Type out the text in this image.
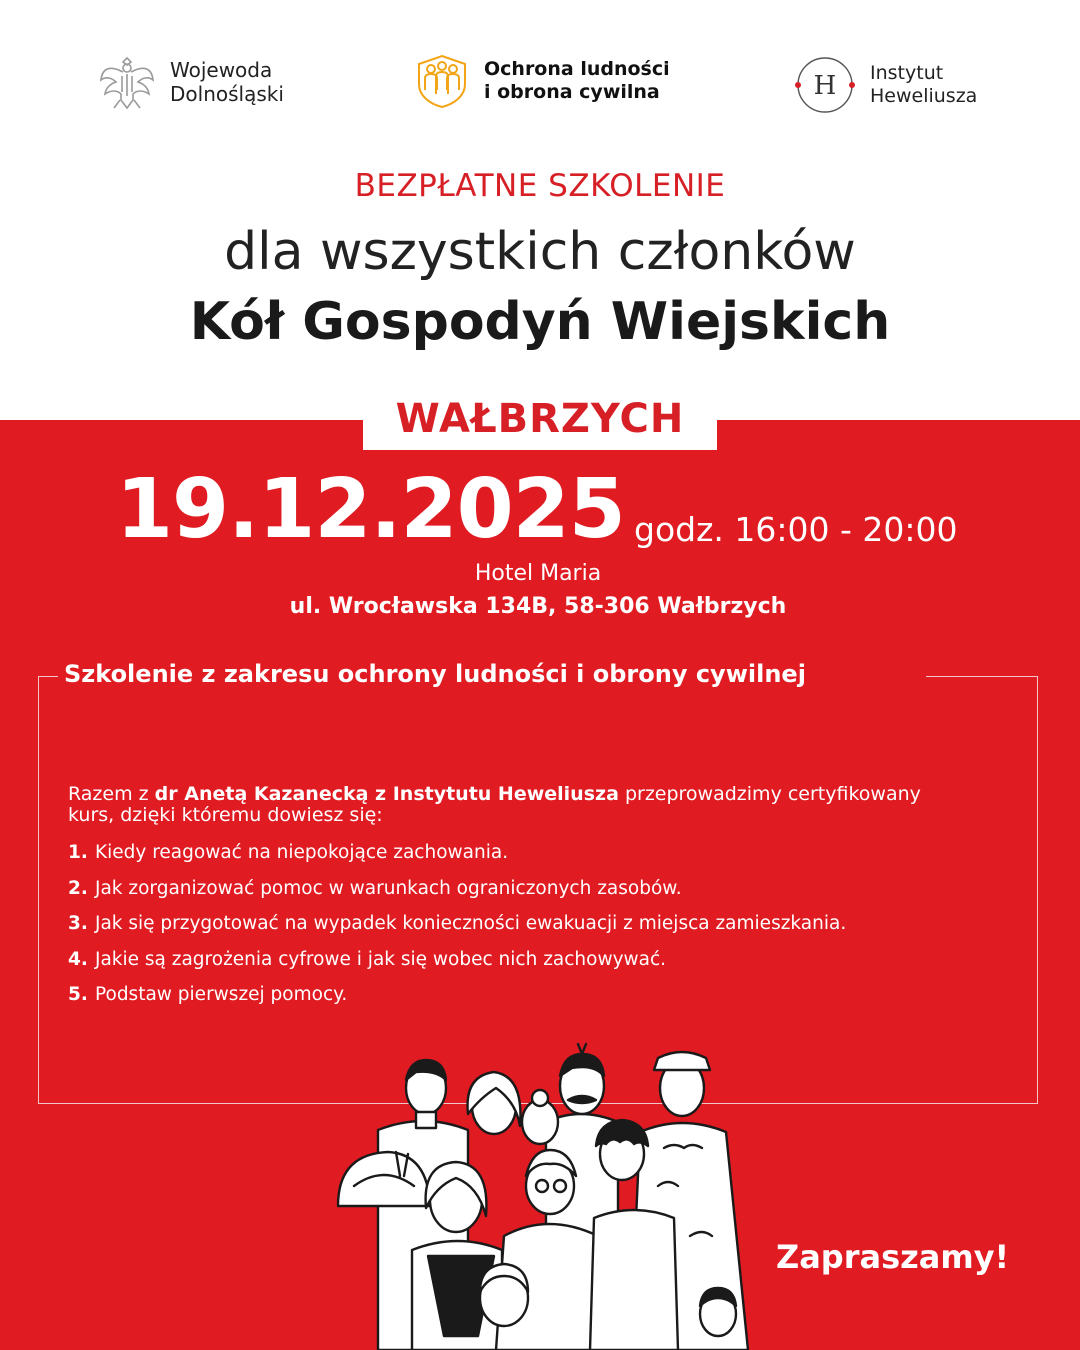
Wojewoda
Dolnośląski
Ochrona ludności
i obrona cywilna	H Instytut
Heweliusza
BEZPŁATNE SZKOLENIE
dla wszystkich członków
Kół Gospodyń Wiejskich
WAŁBRZYCH
19.12.2025 godz. 16:00 - 20:00
Hotel Maria
ul. Wrocławska 134B, 58-306 Wałbrzych
Szkolenie z zakresu ochrony ludności i obrony cywilnej
Razem z dr Anetą Kazanecką z Instytutu Heweliusza przeprowadzimy certyfikowany kurs, dzięki któremu dowiesz się:
1. Kiedy reagować na niepokojące zachowania.
2. Jak zorganizować pomoc w warunkach ograniczonych zasobów.
3. Jak się przygotować na wypadek konieczności ewakuacji z miejsca zamieszkania.
4. Jakie są zagrożenia cyfrowe i jak się wobec nich zachowywać.
5. Podstaw pierwszej pomocy.
Zapraszamy!
